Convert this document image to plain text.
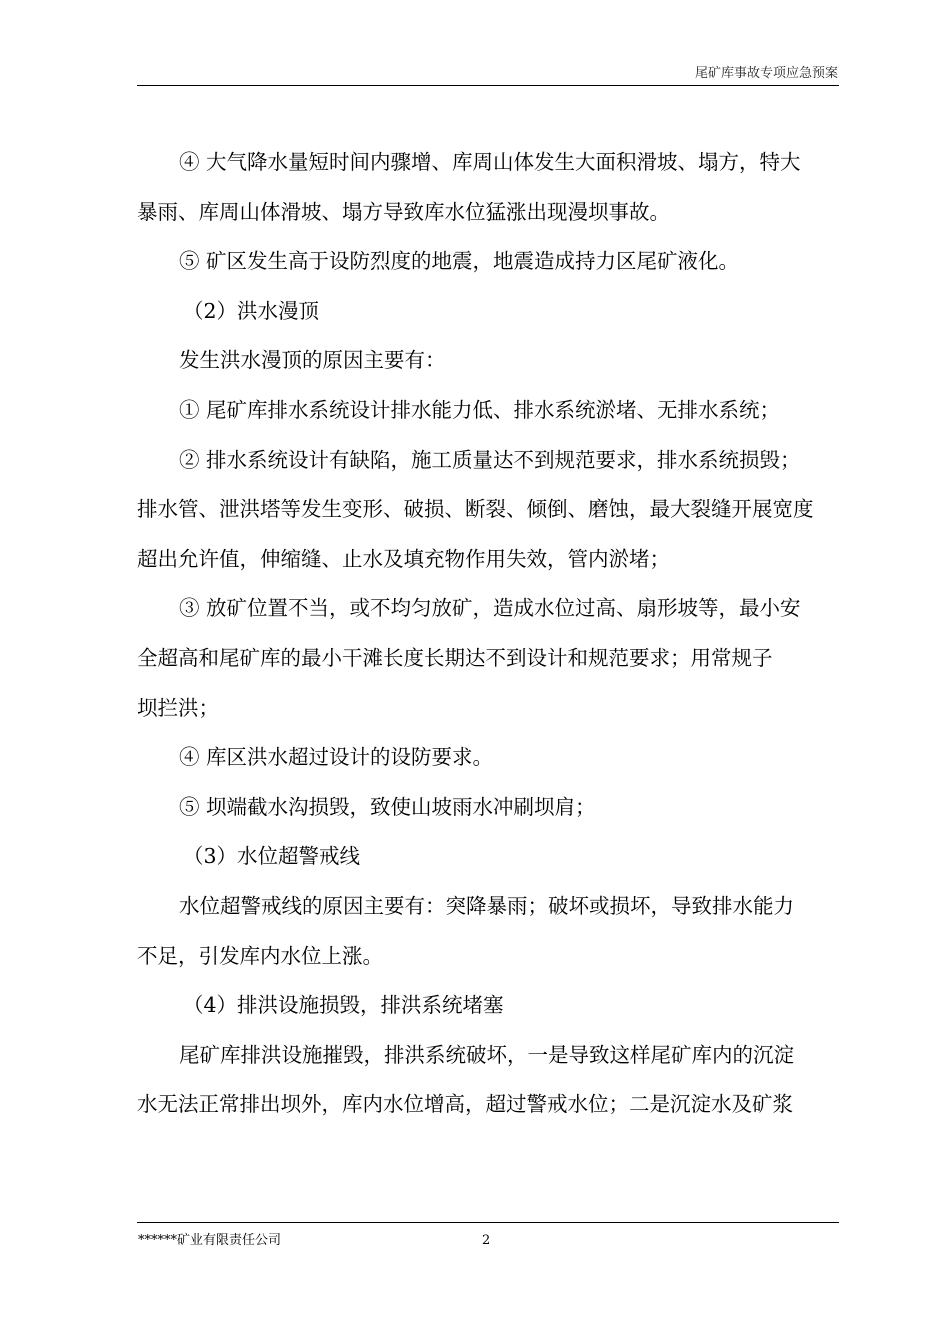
尾矿库事故专项应急预案

④ 大气降水量短时间内骤增、库周山体发生大面积滑坡、塌方，特大

暴雨、库周山体滑坡、塌方导致库水位猛涨出现漫坝事故。

⑤ 矿区发生高于设防烈度的地震，地震造成持力区尾矿液化。

（2）洪水漫顶

发生洪水漫顶的原因主要有：

① 尾矿库排水系统设计排水能力低、排水系统淤堵、无排水系统；

② 排水系统设计有缺陷，施工质量达不到规范要求，排水系统损毁；

排水管、泄洪塔等发生变形、破损、断裂、倾倒、磨蚀，最大裂缝开展宽度

超出允许值，伸缩缝、止水及填充物作用失效，管内淤堵；

③ 放矿位置不当，或不均匀放矿，造成水位过高、扇形坡等，最小安

全超高和尾矿库的最小干滩长度长期达不到设计和规范要求；用常规子

坝拦洪；

④ 库区洪水超过设计的设防要求。

⑤ 坝端截水沟损毁，致使山坡雨水冲刷坝肩；

（3）水位超警戒线

水位超警戒线的原因主要有：突降暴雨；破坏或损坏，导致排水能力

不足，引发库内水位上涨。

（4）排洪设施损毁，排洪系统堵塞

尾矿库排洪设施摧毁，排洪系统破坏，一是导致这样尾矿库内的沉淀

水无法正常排出坝外，库内水位增高，超过警戒水位；二是沉淀水及矿浆

******矿业有限责任公司	2
